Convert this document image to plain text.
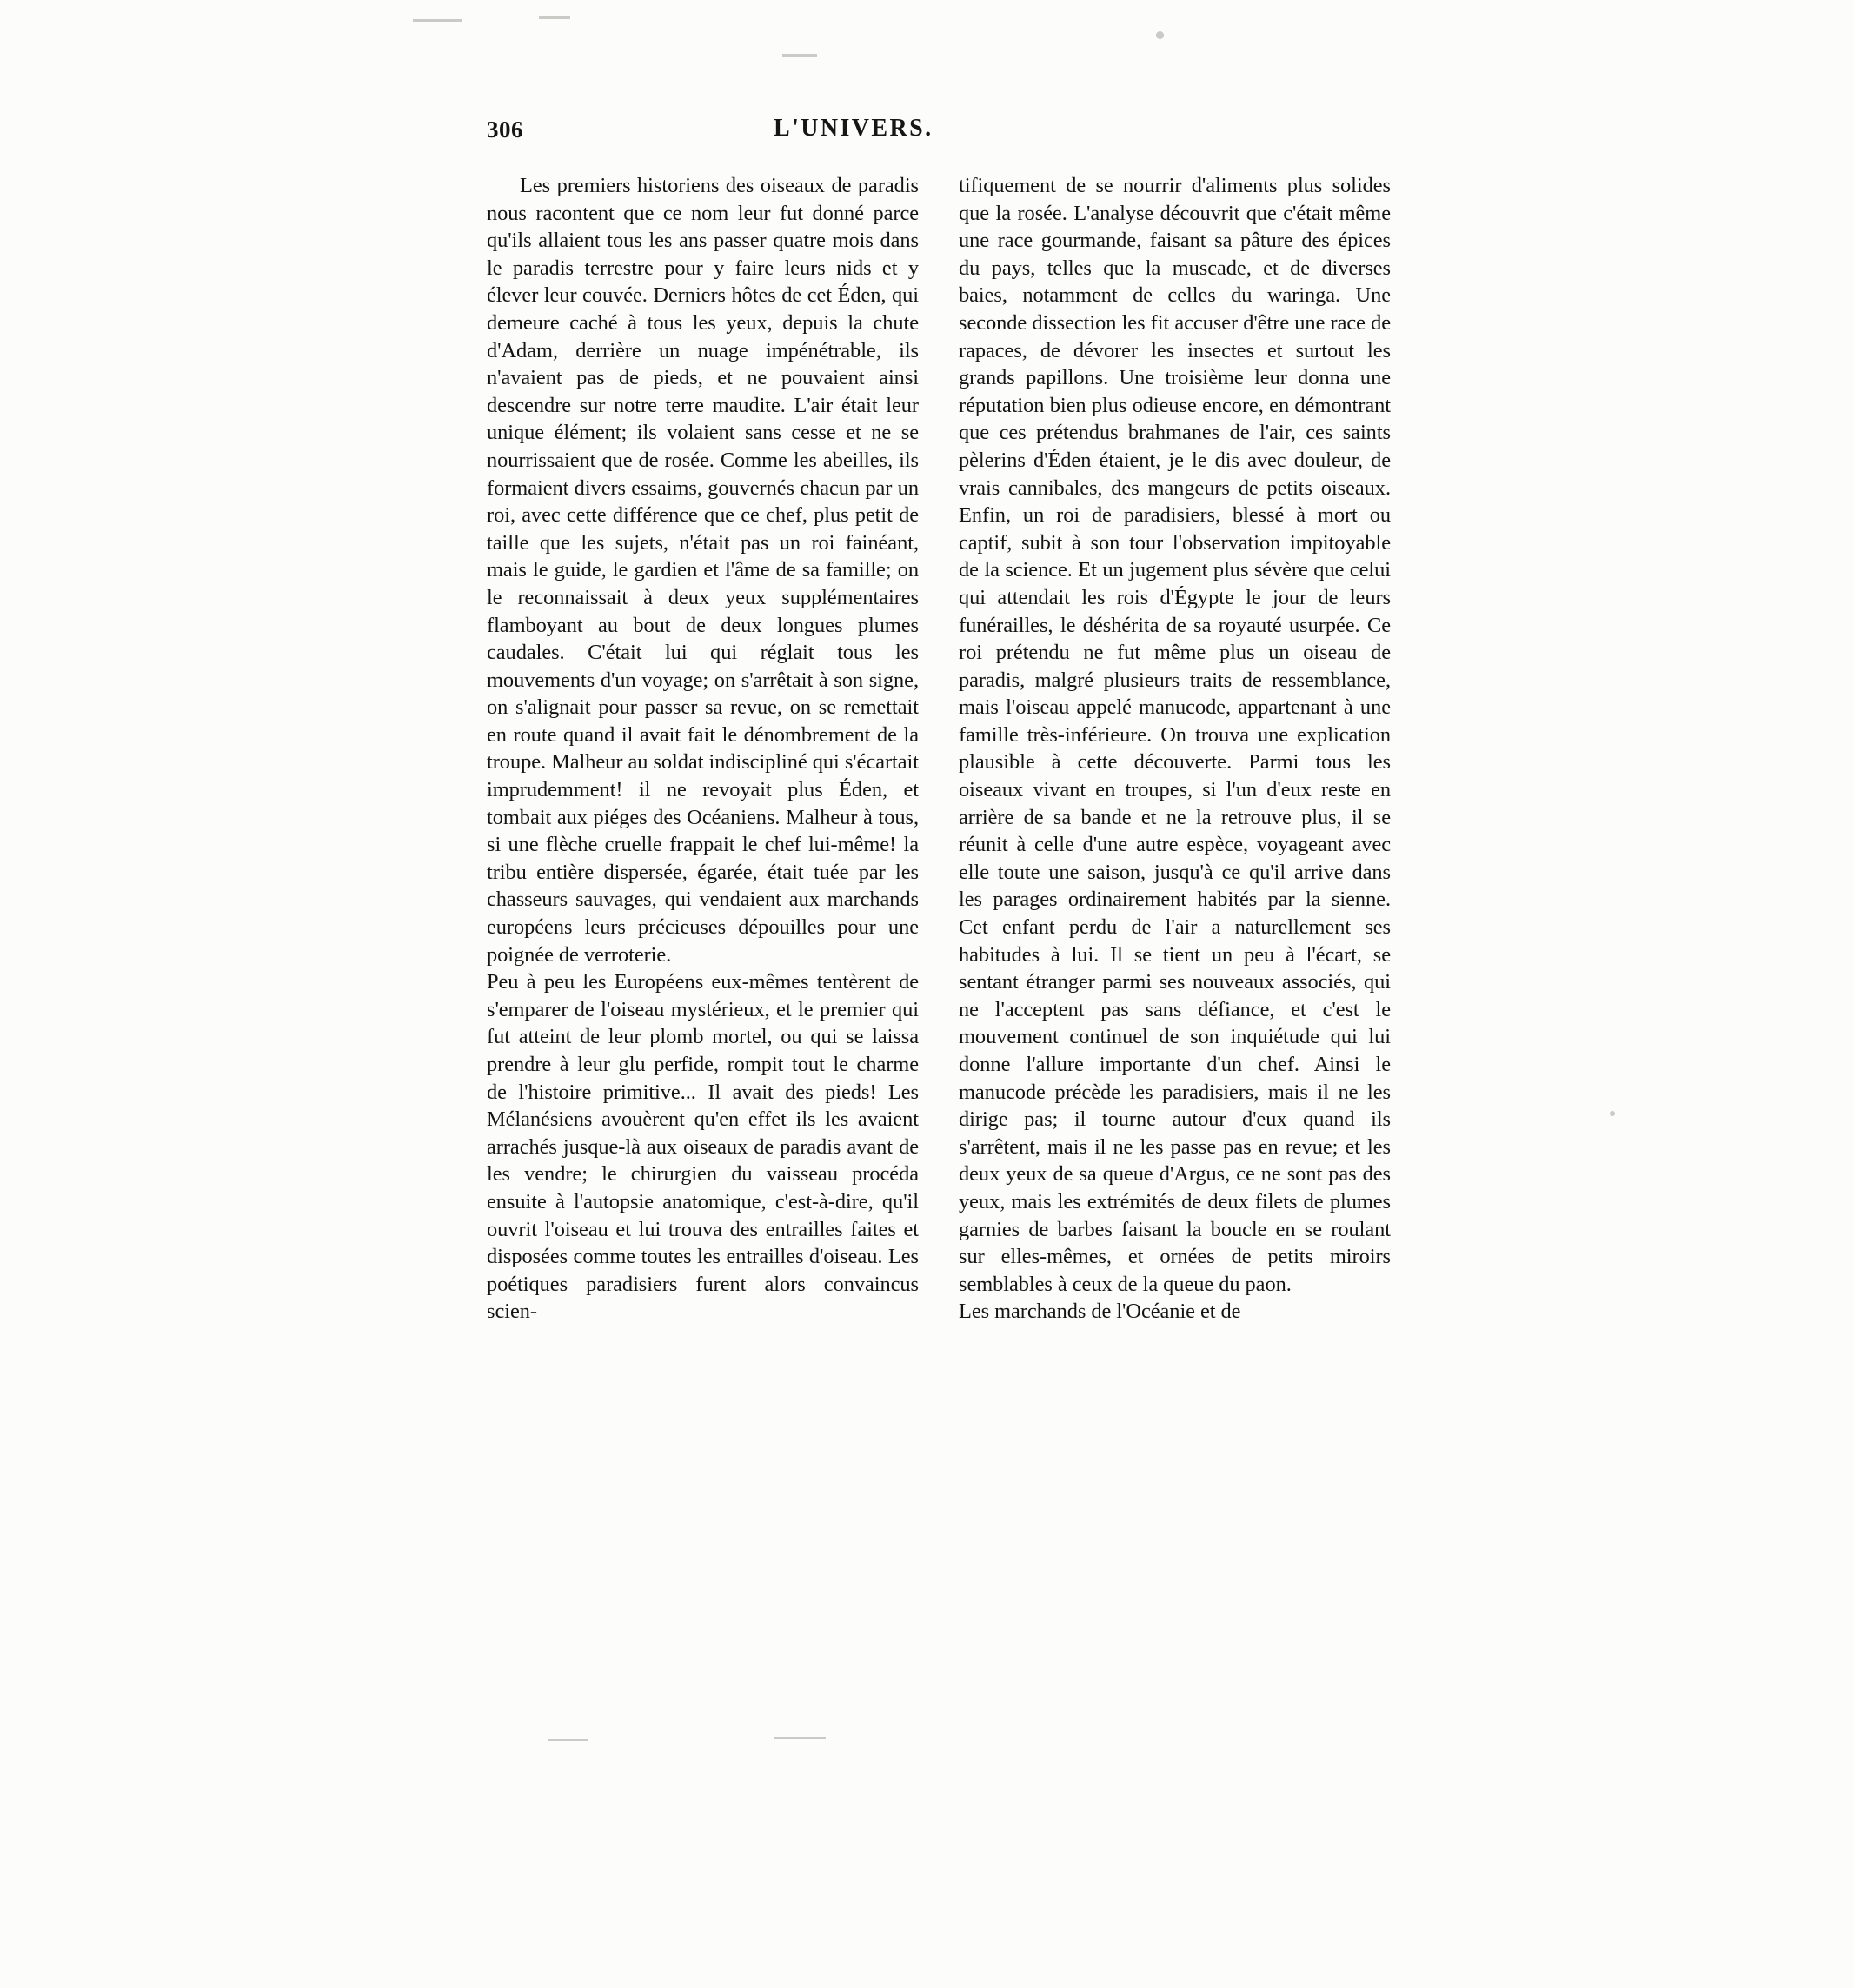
306	L'UNIVERS.

Les premiers historiens des oiseaux de paradis nous racontent que ce nom leur fut donné parce qu'ils allaient tous les ans passer quatre mois dans le paradis terrestre pour y faire leurs nids et y élever leur couvée. Derniers hôtes de cet Éden, qui demeure caché à tous les yeux, depuis la chute d'Adam, derrière un nuage impénétrable, ils n'avaient pas de pieds, et ne pouvaient ainsi descendre sur notre terre maudite. L'air était leur unique élément; ils volaient sans cesse et ne se nourrissaient que de rosée. Comme les abeilles, ils formaient divers essaims, gouvernés chacun par un roi, avec cette différence que ce chef, plus petit de taille que les sujets, n'était pas un roi fainéant, mais le guide, le gardien et l'âme de sa famille; on le reconnaissait à deux yeux supplémentaires flamboyant au bout de deux longues plumes caudales. C'était lui qui réglait tous les mouvements d'un voyage; on s'arrêtait à son signe, on s'alignait pour passer sa revue, on se remettait en route quand il avait fait le dénombrement de la troupe. Malheur au soldat indiscipliné qui s'écartait imprudemment! il ne revoyait plus Éden, et tombait aux piéges des Océaniens. Malheur à tous, si une flèche cruelle frappait le chef lui-même! la tribu entière dispersée, égarée, était tuée par les chasseurs sauvages, qui vendaient aux marchands européens leurs précieuses dépouilles pour une poignée de verroterie.

Peu à peu les Européens eux-mêmes tentèrent de s'emparer de l'oiseau mystérieux, et le premier qui fut atteint de leur plomb mortel, ou qui se laissa prendre à leur glu perfide, rompit tout le charme de l'histoire primitive... Il avait des pieds! Les Mélanésiens avouèrent qu'en effet ils les avaient arrachés jusque-là aux oiseaux de paradis avant de les vendre; le chirurgien du vaisseau procéda ensuite à l'autopsie anatomique, c'est-à-dire, qu'il ouvrit l'oiseau et lui trouva des entrailles faites et disposées comme toutes les entrailles d'oiseau. Les poétiques paradisiers furent alors convaincus scien-

tifiquement de se nourrir d'aliments plus solides que la rosée. L'analyse découvrit que c'était même une race gourmande, faisant sa pâture des épices du pays, telles que la muscade, et de diverses baies, notamment de celles du waringa. Une seconde dissection les fit accuser d'être une race de rapaces, de dévorer les insectes et surtout les grands papillons. Une troisième leur donna une réputation bien plus odieuse encore, en démontrant que ces prétendus brahmanes de l'air, ces saints pèlerins d'Éden étaient, je le dis avec douleur, de vrais cannibales, des mangeurs de petits oiseaux. Enfin, un roi de paradisiers, blessé à mort ou captif, subit à son tour l'observation impitoyable de la science. Et un jugement plus sévère que celui qui attendait les rois d'Égypte le jour de leurs funérailles, le déshérita de sa royauté usurpée. Ce roi prétendu ne fut même plus un oiseau de paradis, malgré plusieurs traits de ressemblance, mais l'oiseau appelé manucode, appartenant à une famille très-inférieure. On trouva une explication plausible à cette découverte. Parmi tous les oiseaux vivant en troupes, si l'un d'eux reste en arrière de sa bande et ne la retrouve plus, il se réunit à celle d'une autre espèce, voyageant avec elle toute une saison, jusqu'à ce qu'il arrive dans les parages ordinairement habités par la sienne. Cet enfant perdu de l'air a naturellement ses habitudes à lui. Il se tient un peu à l'écart, se sentant étranger parmi ses nouveaux associés, qui ne l'acceptent pas sans défiance, et c'est le mouvement continuel de son inquiétude qui lui donne l'allure importante d'un chef. Ainsi le manucode précède les paradisiers, mais il ne les dirige pas; il tourne autour d'eux quand ils s'arrêtent, mais il ne les passe pas en revue; et les deux yeux de sa queue d'Argus, ce ne sont pas des yeux, mais les extrémités de deux filets de plumes garnies de barbes faisant la boucle en se roulant sur elles-mêmes, et ornées de petits miroirs semblables à ceux de la queue du paon.

Les marchands de l'Océanie et de
